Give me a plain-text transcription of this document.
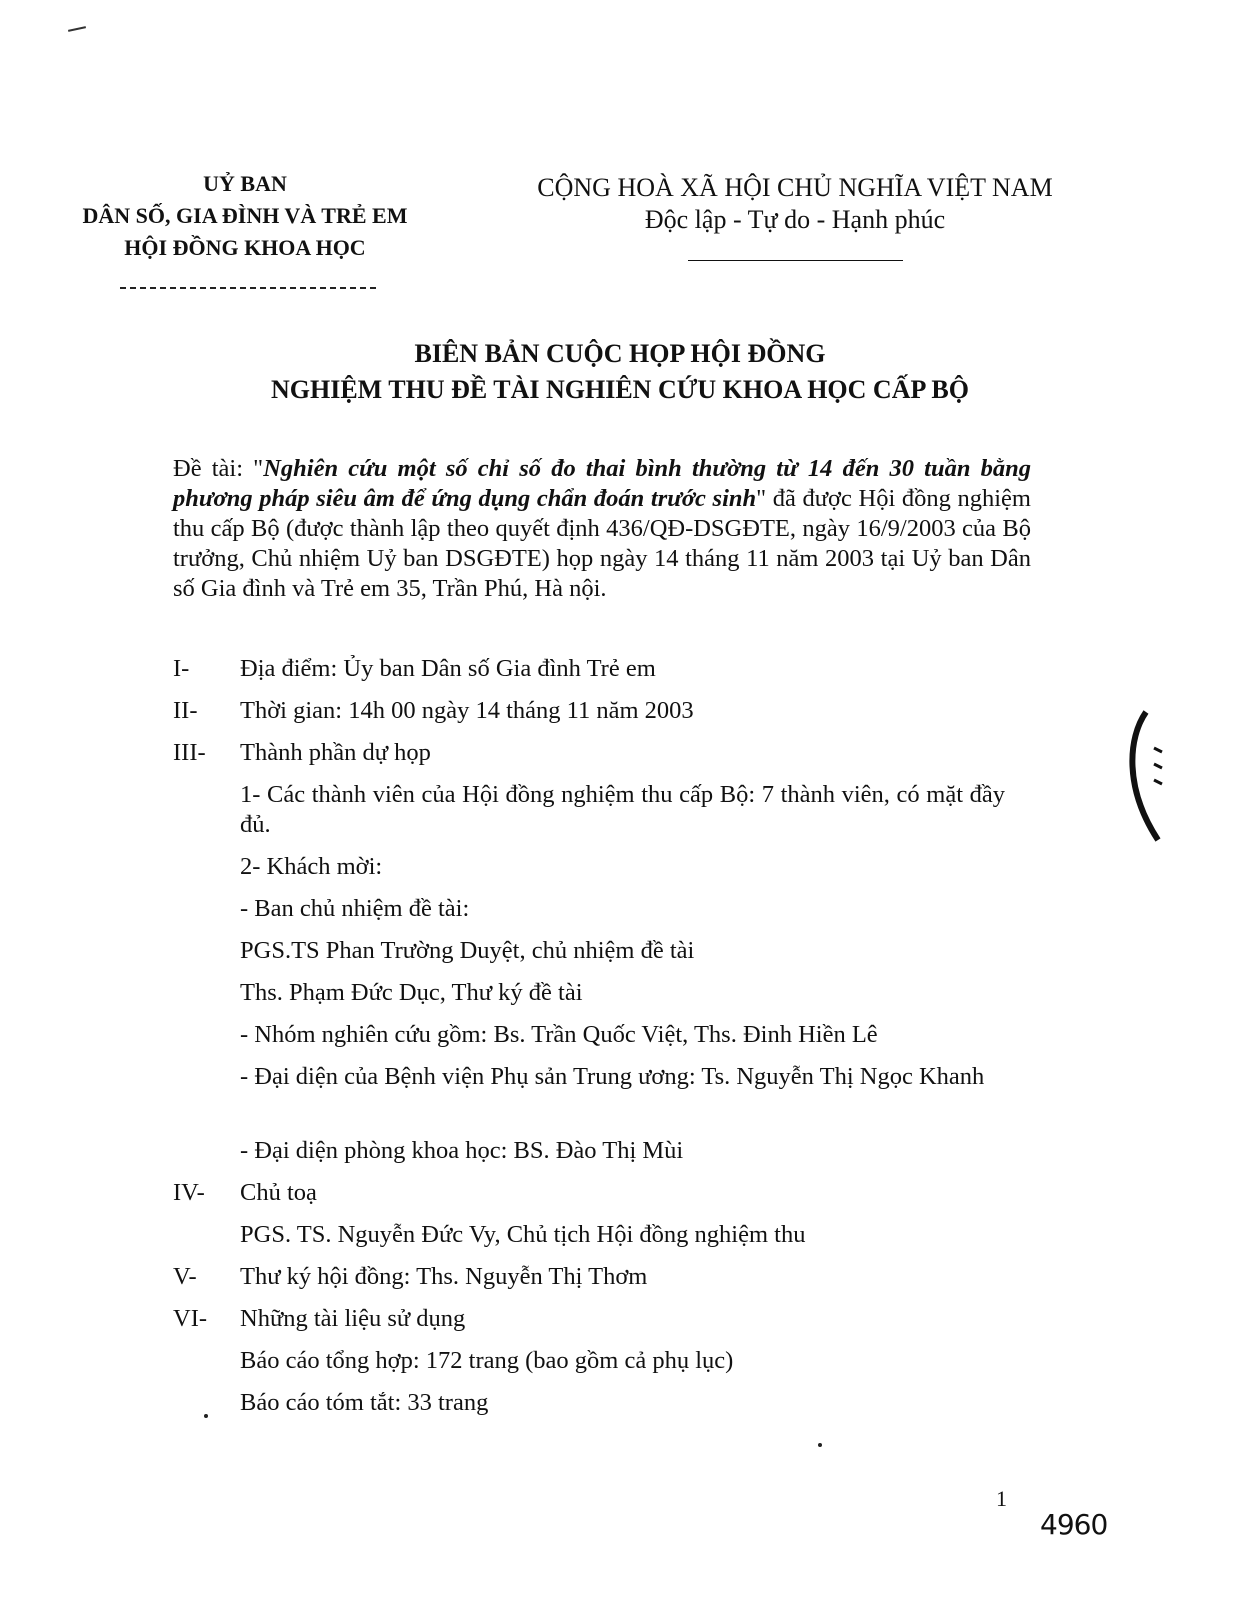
UỶ BAN
DÂN SỐ, GIA ĐÌNH VÀ TRẺ EM
HỘI ĐỒNG KHOA HỌC
CỘNG HOÀ XÃ HỘI CHỦ NGHĨA VIỆT NAM
Độc lập - Tự do - Hạnh phúc
BIÊN BẢN CUỘC HỌP HỘI ĐỒNG
NGHIỆM THU ĐỀ TÀI NGHIÊN CỨU KHOA HỌC CẤP BỘ
Đề tài: "Nghiên cứu một số chỉ số đo thai bình thường từ 14 đến 30 tuần bằng phương pháp siêu âm để ứng dụng chẩn đoán trước sinh" đã được Hội đồng nghiệm thu cấp Bộ (được thành lập theo quyết định 436/QĐ-DSGĐTE, ngày 16/9/2003 của Bộ trưởng, Chủ nhiệm Uỷ ban DSGĐTE) họp ngày 14 tháng 11 năm 2003 tại Uỷ ban Dân số Gia đình và Trẻ em 35, Trần Phú, Hà nội.
I- Địa điểm: Ủy ban Dân số Gia đình Trẻ em
II- Thời gian: 14h 00 ngày 14 tháng 11 năm 2003
III- Thành phần dự họp
1- Các thành viên của Hội đồng nghiệm thu cấp Bộ: 7 thành viên, có mặt đầy đủ.
2- Khách mời:
- Ban chủ nhiệm đề tài:
PGS.TS Phan Trường Duyệt, chủ nhiệm đề tài
Ths. Phạm Đức Dục, Thư ký đề tài
- Nhóm nghiên cứu gồm: Bs. Trần Quốc Việt, Ths. Đinh Hiền Lê
- Đại diện của Bệnh viện Phụ sản Trung ương: Ts. Nguyễn Thị Ngọc Khanh
- Đại diện phòng khoa học: BS. Đào Thị Mùi
IV- Chủ toạ
PGS. TS. Nguyễn Đức Vy, Chủ tịch Hội đồng nghiệm thu
V- Thư ký hội đồng: Ths. Nguyễn Thị Thơm
VI- Những tài liệu sử dụng
Báo cáo tổng hợp: 172 trang (bao gồm cả phụ lục)
Báo cáo tóm tắt: 33 trang
1
4960
